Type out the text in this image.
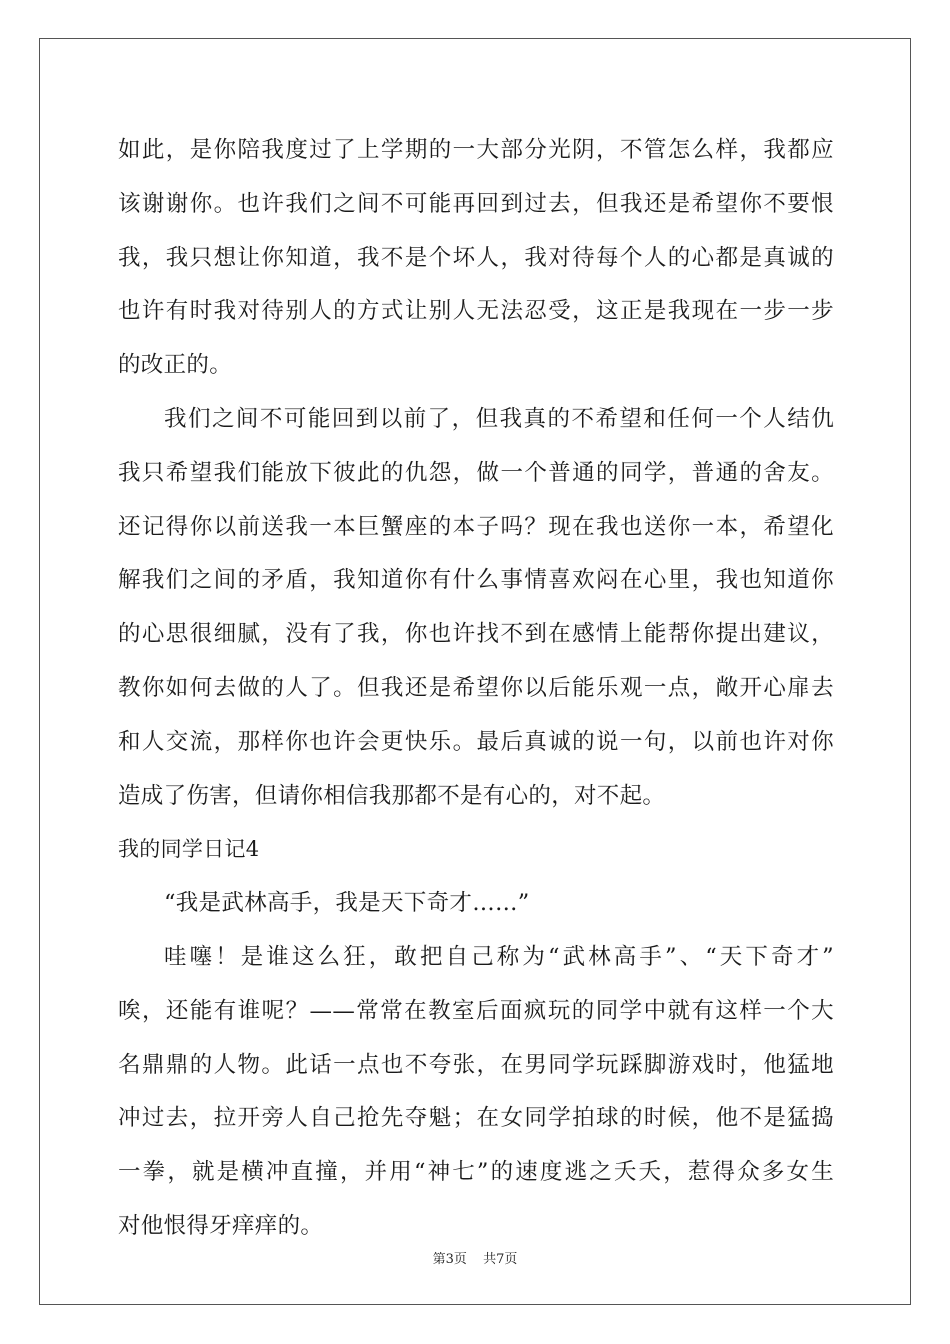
如此，是你陪我度过了上学期的一大部分光阴，不管怎么样，我都应
该谢谢你。也许我们之间不可能再回到过去，但我还是希望你不要恨
我，我只想让你知道，我不是个坏人，我对待每个人的心都是真诚的
也许有时我对待别人的方式让别人无法忍受，这正是我现在一步一步
的改正的。
我们之间不可能回到以前了，但我真的不希望和任何一个人结仇
我只希望我们能放下彼此的仇怨，做一个普通的同学，普通的舍友。
还记得你以前送我一本巨蟹座的本子吗？现在我也送你一本，希望化
解我们之间的矛盾，我知道你有什么事情喜欢闷在心里，我也知道你
的心思很细腻，没有了我，你也许找不到在感情上能帮你提出建议，
教你如何去做的人了。但我还是希望你以后能乐观一点，敞开心扉去
和人交流，那样你也许会更快乐。最后真诚的说一句，以前也许对你
造成了伤害，但请你相信我那都不是有心的，对不起。
我的同学日记4
“我是武林高手，我是天下奇才……”
哇噻！是谁这么狂，敢把自己称为“武林高手”、“天下奇才”
唉，还能有谁呢？——常常在教室后面疯玩的同学中就有这样一个大
名鼎鼎的人物。此话一点也不夸张，在男同学玩踩脚游戏时，他猛地
冲过去，拉开旁人自己抢先夺魁；在女同学拍球的时候，他不是猛捣
一拳，就是横冲直撞，并用“神七”的速度逃之夭夭，惹得众多女生
对他恨得牙痒痒的。
第3页 共7页
